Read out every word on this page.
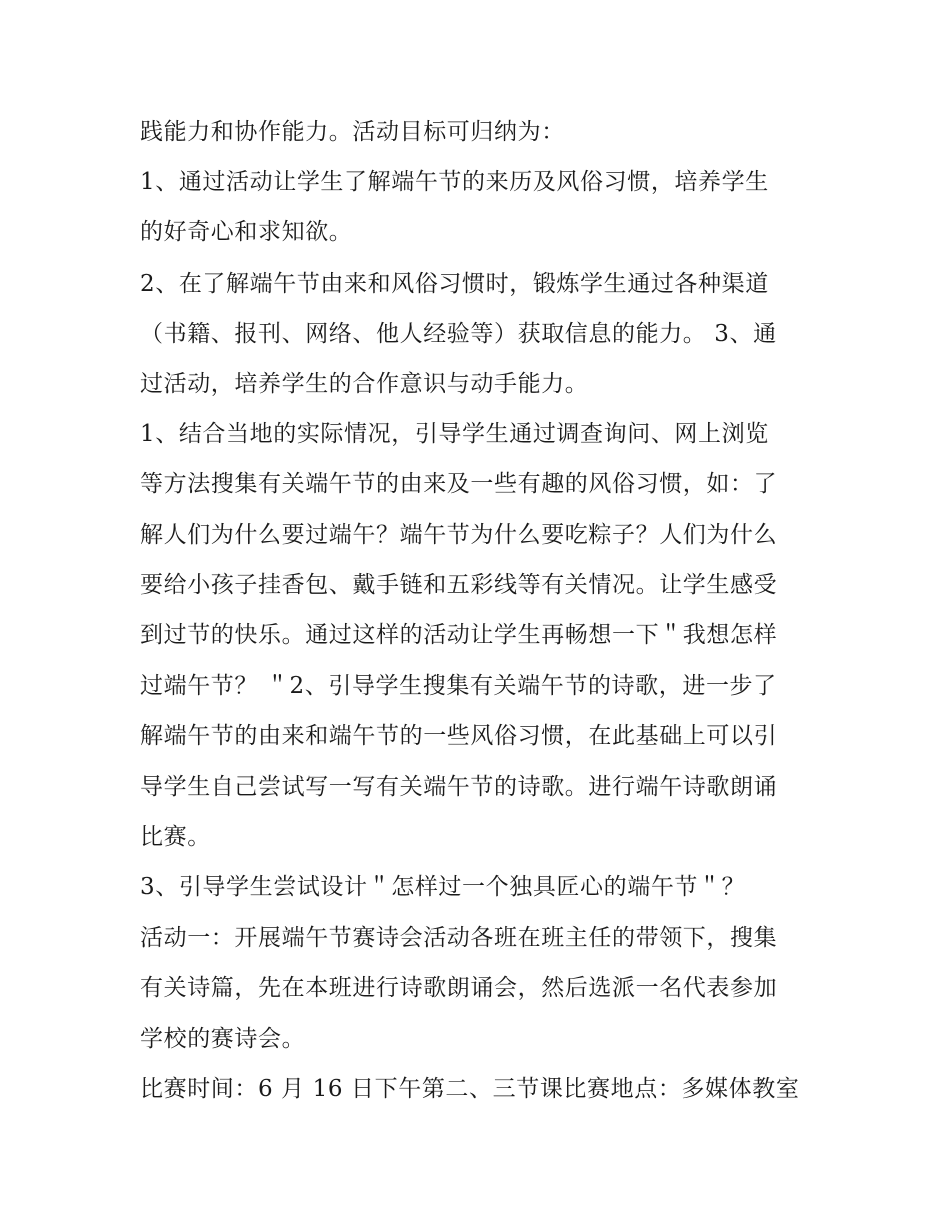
践能力和协作能力。活动目标可归纳为：
1、通过活动让学生了解端午节的来历及风俗习惯，培养学生
的好奇心和求知欲。
2、在了解端午节由来和风俗习惯时，锻炼学生通过各种渠道
（书籍、报刊、网络、他人经验等）获取信息的能力。 3、通
过活动，培养学生的合作意识与动手能力。
1、结合当地的实际情况，引导学生通过调查询问、网上浏览
等方法搜集有关端午节的由来及一些有趣的风俗习惯，如：了
解人们为什么要过端午？端午节为什么要吃粽子？人们为什么
要给小孩子挂香包、戴手链和五彩线等有关情况。让学生感受
到过节的快乐。通过这样的活动让学生再畅想一下＂我想怎样
过端午节？ ＂2、引导学生搜集有关端午节的诗歌，进一步了
解端午节的由来和端午节的一些风俗习惯，在此基础上可以引
导学生自己尝试写一写有关端午节的诗歌。进行端午诗歌朗诵
比赛。
3、引导学生尝试设计＂怎样过一个独具匠心的端午节＂？
活动一：开展端午节赛诗会活动各班在班主任的带领下，搜集
有关诗篇，先在本班进行诗歌朗诵会，然后选派一名代表参加
学校的赛诗会。
比赛时间：6 月 16 日下午第二、三节课比赛地点：多媒体教室
